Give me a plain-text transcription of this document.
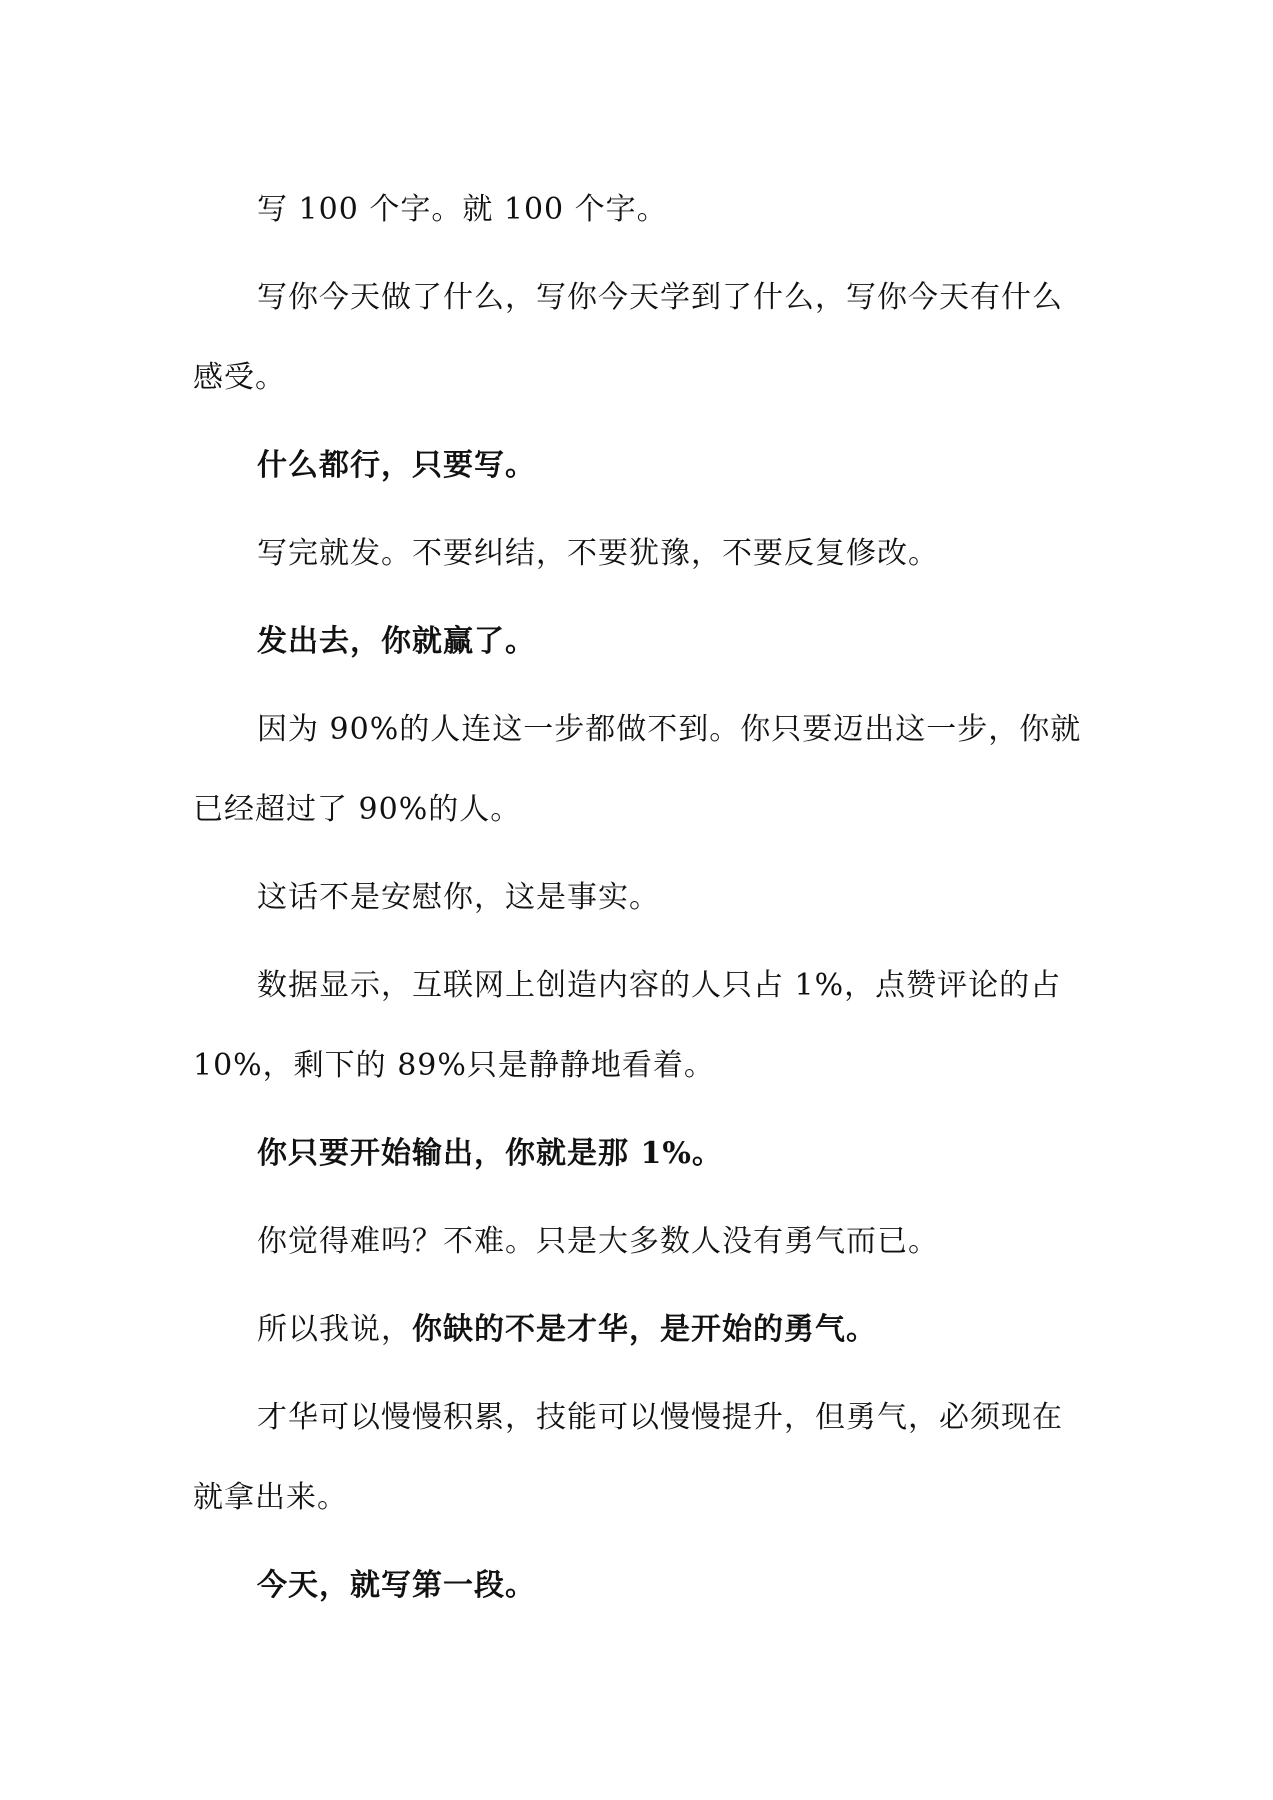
写 100 个字。就 100 个字。

写你今天做了什么，写你今天学到了什么，写你今天有什么感受。

什么都行，只要写。

写完就发。不要纠结，不要犹豫，不要反复修改。

发出去，你就赢了。

因为 90%的人连这一步都做不到。你只要迈出这一步，你就已经超过了 90%的人。

这话不是安慰你，这是事实。

数据显示，互联网上创造内容的人只占 1%，点赞评论的占 10%，剩下的 89%只是静静地看着。

你只要开始输出，你就是那 1%。

你觉得难吗？不难。只是大多数人没有勇气而已。

所以我说，你缺的不是才华，是开始的勇气。

才华可以慢慢积累，技能可以慢慢提升，但勇气，必须现在就拿出来。

今天，就写第一段。
